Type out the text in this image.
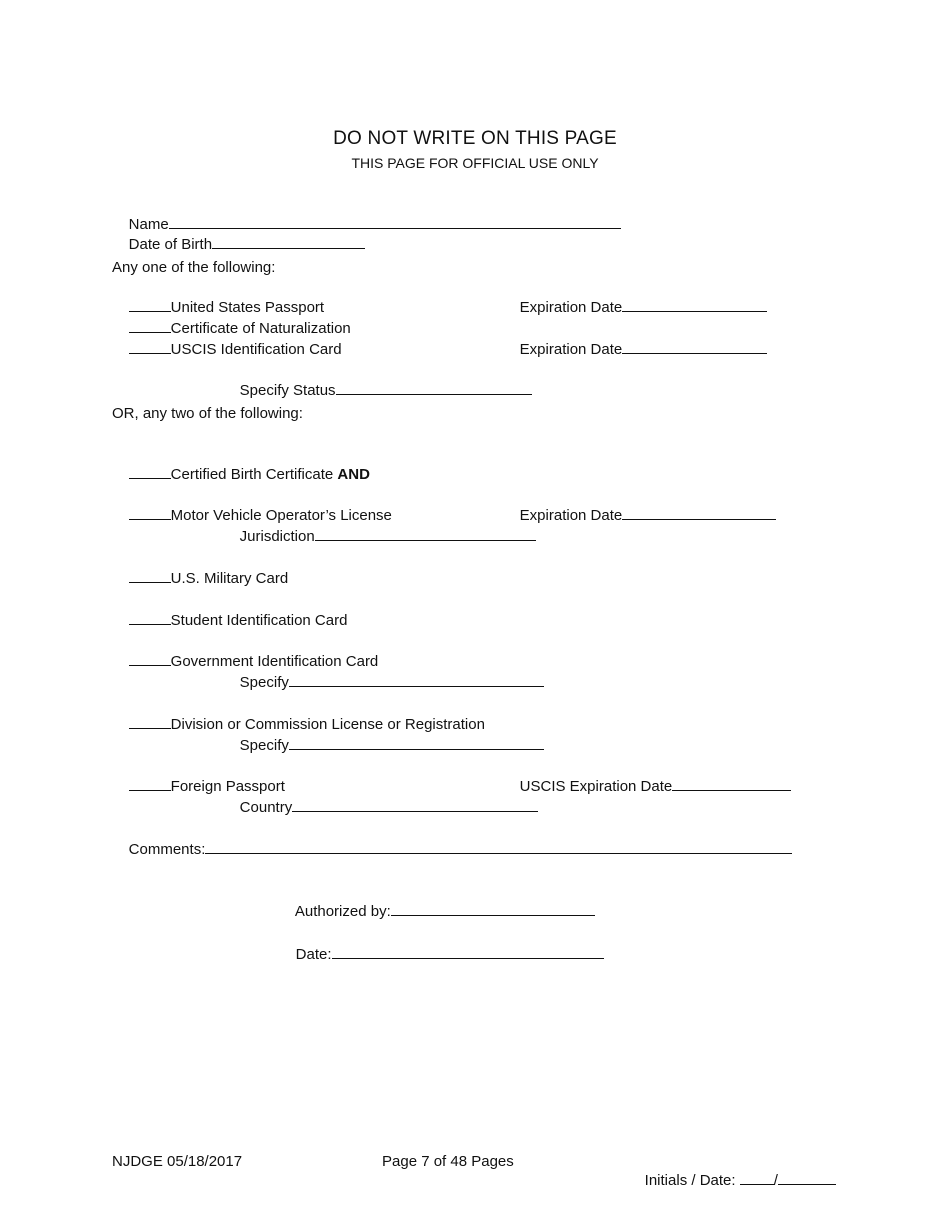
DO NOT WRITE ON THIS PAGE
THIS PAGE FOR OFFICIAL USE ONLY

Name

Date of Birth

Any one of the following:

United States Passport
	Expiration Date

Certificate of Naturalization

USCIS Identification Card
	Expiration Date

Specify Status

OR, any two of the following:

Certified Birth Certificate AND

Motor Vehicle Operator’s License
	Expiration Date

Jurisdiction

U.S. Military Card

Student Identification Card

Government Identification Card

Specify

Division or Commission License or Registration

Specify

Foreign Passport
	USCIS Expiration Date

Country

Comments:

Authorized by:

Date:

NJDGE 05/18/2017	Page 7 of 48 Pages

Initials / Date: /
